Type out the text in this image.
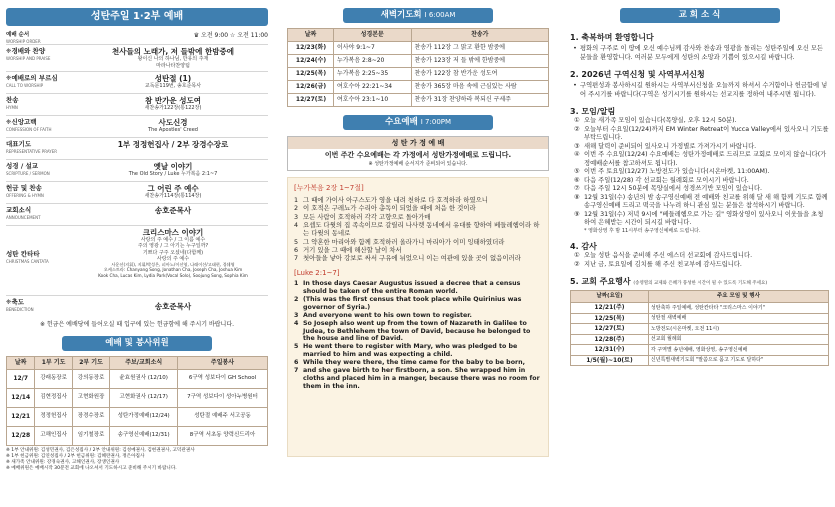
성탄주일 1·2부 예배
예배 순서
WORSHIP ORDER
♛ 오전 9:00 ☆ 오전 11:00
❈경배와 찬양
WORSHIP AND PRAISE
천사들의 노래가, 저 들밖에 한밤중에
왕이신 나의 하나님, 만유의 주재
마라나타찬양팀
❈예배로의 부르심
CALL TO WORSHIP
성탄절 (1)
교독문119번, 송호준목사
찬송
HYMN
참 반가운 성도여
새찬송가122장(통122장)
❈신앙고백
CONFESSION OF FAITH
사도신경
The Apostles' Creed
대표기도
REPRESENTATIVE PRAYER
1부 정정헌집사 / 2부 장경수장로
성경 / 설교
SCRIPTURE / SERMON
옛날 이야기
The Old Story / Luke 누가복음 2:1~7
헌금 및 찬송
OFFERING & HYMN
그 어린 주 예수
새찬송가114장(통114장)
교회소식
ANNOUNCEMENT
송호준목사
성탄 칸타타
CHRISTMAS CANTATA
크리스마스 이야기
사랑의 주 예수 / 그 이름 예수
주의 영광 / 그 아기는 누구일까?
기쁘다 구주 오셨네(다함께)
사랑의 주 예수
사운선(지휘), 지휘/박성은, 피아노/이선영, 나래이션/고태현, 경쉐영
오케스트라: Chanyang Song, Jonathan Cha, Joseph Cha, Joshua Kim
Kook Cha, Lucas Kim, Lydia Park(Vocal Solo), Soojung Song, Sophia Kim
❈축도
BENEDICTION	송호준목사
※ 헌금은 예배당에 들어오실 때 입구에 있는 헌금함에 해 주시기 바랍니다.
예배 및 봉사위원
날짜	1부 기도	2부 기도	주보/교회소식	주일봉사
12/7	강래동장로	강의동장로	윤효원권사 (12/10)	6구역 성보다이 GH School
12/14	김현정집사	고현화원장	고현화권사 (12/17)	7구역 성보다이 성아누병원터
12/21	정정헌집사	장경수장로	성탄가정예배(12/24)	성탄절 예배주 서고공동
12/28	고해인집사	임기철장로	송구영신예배(12/31)	8구역 서초동 양력신드리아
※ 1부 안내위원: 김성민권사, 김은성집사 / 2부 안내위원: 김성예권사, 김현권권사, 고덕관권사
※ 1부 헌금위원: 김연성집사 / 2부 헌금위원: 김혜란권사, 정은아집사
※ 새가족 안내위원: 강경숙권사, 고해인권사, 장생인권사
※ 예배위원은 예배시작 30분전 교회에 나오셔서 기도하시고 준비해 주시기 바랍니다.
새벽기도회 I 6:00AM
날짜	성경본문	찬송가
12/23(화)	이사야 9:1~7	찬송가 112장 그 맑고 환한 밤중에
12/24(수)	누가복음 2:8~20	찬송가 123장 저 들 밖에 한밤중에
12/25(목)	누가복음 2:25~35	찬송가 122장 참 반가운 성도여
12/26(금)	여호수아 22:21~34	찬송가 365장 마음 속에 근심있는 사람
12/27(토)	여호수아 23:1~10	찬송가 31장 찬양하라 복되신 구세주
수요예배 I 7:00PM
성 탄 가 정 예 배
이번 주간 수요예배는 각 가정에서 성탄가정예배로 드립니다.
※ 성탄가정예배 순서지가 준비되어 있습니다.
[누가복음 2장 1~7절]
1 그 때에 가이사 아구스도가 영을 내려 천하로 다 호적하라 하였으니
2 이 호적은 구레뇨가 수리아 총독이 되었을 때에 처음 한 것이라
3 모든 사람이 호적하러 각각 고향으로 돌아가매
4 요셉도 다윗의 집 족속이므로 갈릴리 나사렛 동네에서 유대를 향하여 베들레헴이라 하는 다윗의 동네로
5 그 약혼한 마리아와 함께 호적하러 올라가니 마리아가 이미 잉태하였더라
6 거기 있을 그 때에 해산할 날이 차서
7 첫아들을 낳아 강보로 싸서 구유에 뉘었으니 이는 여관에 있을 곳이 없음이러라
[Luke 2:1~7]
1 In those days Caesar Augustus issued a decree that a census should be taken of the entire Roman world.
2 (This was the first census that took place while Quirinius was governor of Syria.)
3 And everyone went to his own town to register.
4 So Joseph also went up from the town of Nazareth in Galilee to Judea, to Bethlehem the town of David, because he belonged to the house and line of David.
5 He went there to register with Mary, who was pledged to be married to him and was expecting a child.
6 While they were there, the time came for the baby to be born,
7 and she gave birth to her firstborn, a son. She wrapped him in cloths and placed him in a manger, because there was no room for them in the inn.
교 회 소 식
1. 축복하며 환영합니다
• 평화의 구주로 이 땅에 오신 예수님께 감사와 찬송과 영광을 돌리는 성탄주일에 오신 모든 분들을 환영합니다. 여러분 모두에게 성탄의 소망과 기쁨이 있으시길 바랍니다.
2. 2026년 구역신청 및 사역부서신청
• 구역편성과 봉사하시길 원하시는 사역부서신청을 오늘까지 하셔서 수거함이나 헌금함에 넣어 주시기를 바랍니다(구역은 성기시기를 원하시는 선교지를 정하여 내주시면 됩니다).
3. 모임/알림
① 오늘 새가족 모임이 있습니다(목양실, 오후 12시 50분).
② 오늘부터 수요일(12/24)까지 EM Winter Retreat이 Yucca Valley에서 있사오니 기도를 부탁드립니다.
③ 새해 달력이 준비되어 있사오니 가정별로 가져가시기 바랍니다.
④ 이번 주 수요일(12/24) 수요예배는 성탄가정예배로 드리므로 교회로 모이지 않습니다(가정예배순서를 참고하셔도 됩니다).
⑤ 이번 주 토요일(12/27) 노방전도가 있습니다(시온마켓, 11:00AM).
⑥ 다음 주일(12/28) 각 선교회는 월례회로 모이시기 바랍니다.
⑦ 다음 주일 12시 50분에 목양실에서 성경쓰기반 모임이 있습니다.
⑧ 12월 31일(수) 송년의 밤 송구영신예배 전 예배와 친교를 위해 달 새 해 함께 기도로 함께 송구영신예배 드리고 떡국을 나누려 하니 관심 있는 분들은 참석하시기 바랍니다.
⑨ 12월 31일(수) 저녁 9시에 "베들레헴으로 가는 길" 영화상영이 있사오니 이웃들을 초청하여 은혜받는 시간이 되시길 바랍니다.
* 영화상영 후 밤 11시부터 송구영신예배로 드립니다.
4. 감사
① 오늘 성탄 음식을 준비해 주신 에스더 선교회에 감사드립니다.
② 지난 금, 토요일에 김치를 해 주신 친교부에 감사드립니다.
5. 교회 주요행사 (송영열의 교제와 은혜가 풍성한 시간이 될 수 있도록 기도해 주세요)
날짜(요일)	주요 모임 및 행사
12/21(주)	성탄축하 주일예배, 성탄칸타타 "크리스마스 이야기"
12/25(목)	성탄절 새벽예배
12/27(토)	노방전도(시온마켓, 오전 11시)
12/28(주)	선교회 월례회
12/31(수)	각 구역별 송년예배, 영화상영, 송구영신예배
1/5(월)~10(토)	신년특별새벽기도회 "말씀으로 몸고 기도로 달하다"
